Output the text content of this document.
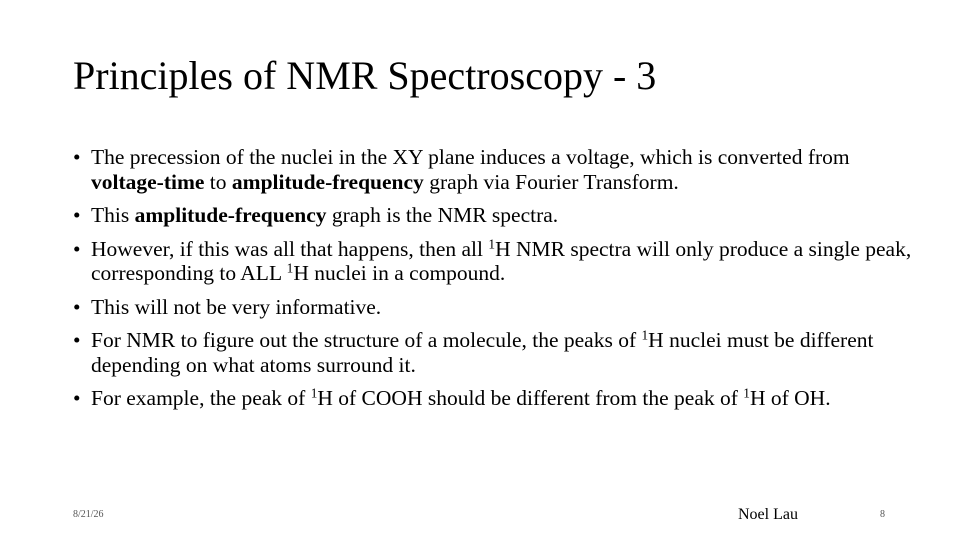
Principles of NMR Spectroscopy - 3
• The precession of the nuclei in the XY plane induces a voltage, which is converted from voltage-time to amplitude-frequency graph via Fourier Transform.
• This amplitude-frequency graph is the NMR spectra.
• However, if this was all that happens, then all $^1$H NMR spectra will only produce a single peak, corresponding to ALL $^1$H nuclei in a compound.
• This will not be very informative.
• For NMR to figure out the structure of a molecule, the peaks of $^1$H nuclei must be different depending on what atoms surround it.
• For example, the peak of $^1$H of COOH should be different from the peak of $^1$H of OH.
8/21/26	Noel Lau	8
